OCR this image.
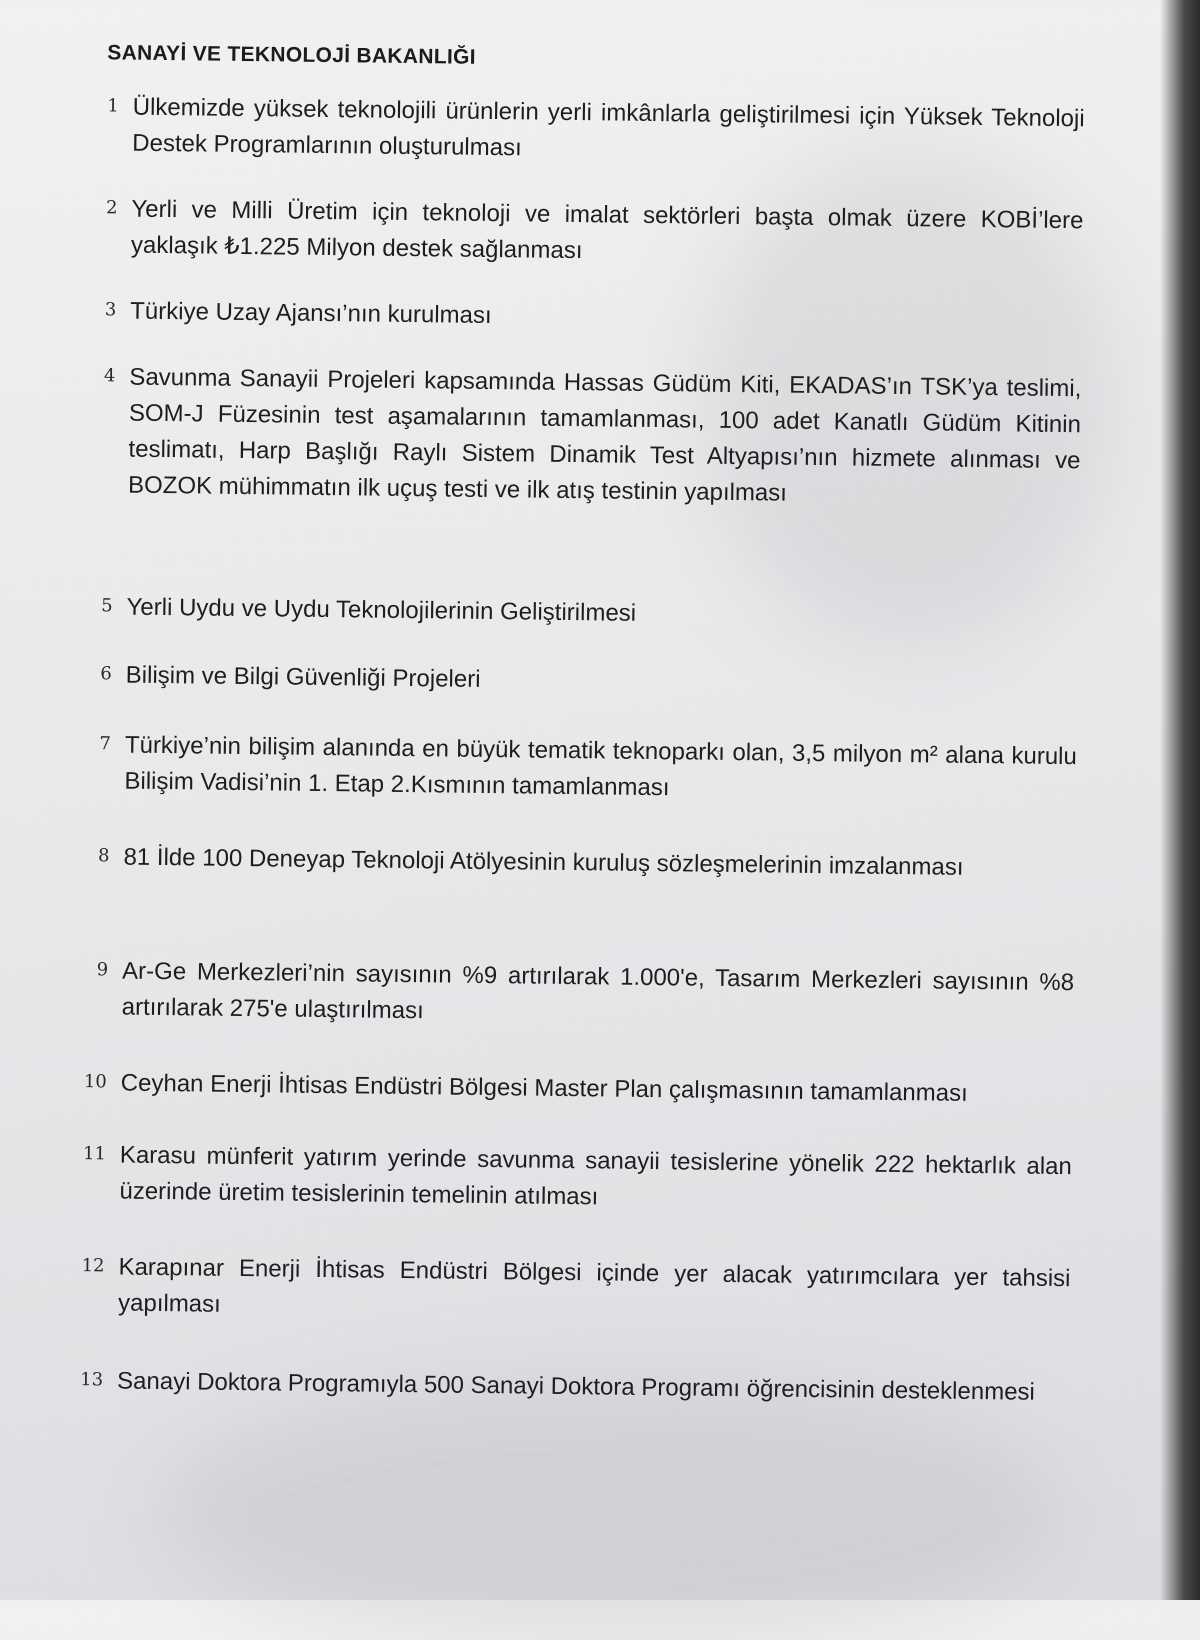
SANAYİ VE TEKNOLOJİ BAKANLIĞI
1 Ülkemizde yüksek teknolojili ürünlerin yerli imkânlarla geliştirilmesi için Yüksek Teknoloji Destek Programlarının oluşturulması
2 Yerli ve Milli Üretim için teknoloji ve imalat sektörleri başta olmak üzere KOBİ’lere yaklaşık ₺1.225 Milyon destek sağlanması
3 Türkiye Uzay Ajansı’nın kurulması
4 Savunma Sanayii Projeleri kapsamında Hassas Güdüm Kiti, EKADAS’ın TSK’ya teslimi, SOM-J Füzesinin test aşamalarının tamamlanması, 100 adet Kanatlı Güdüm Kitinin teslimatı, Harp Başlığı Raylı Sistem Dinamik Test Altyapısı’nın hizmete alınması ve BOZOK mühimmatın ilk uçuş testi ve ilk atış testinin yapılması
5 Yerli Uydu ve Uydu Teknolojilerinin Geliştirilmesi
6 Bilişim ve Bilgi Güvenliği Projeleri
7 Türkiye’nin bilişim alanında en büyük tematik teknoparkı olan, 3,5 milyon m² alana kurulu Bilişim Vadisi’nin 1. Etap 2.Kısmının tamamlanması
8 81 İlde 100 Deneyap Teknoloji Atölyesinin kuruluş sözleşmelerinin imzalanması
9 Ar-Ge Merkezleri’nin sayısının %9 artırılarak 1.000'e, Tasarım Merkezleri sayısının %8 artırılarak 275'e ulaştırılması
10 Ceyhan Enerji İhtisas Endüstri Bölgesi Master Plan çalışmasının tamamlanması
11 Karasu münferit yatırım yerinde savunma sanayii tesislerine yönelik 222 hektarlık alan üzerinde üretim tesislerinin temelinin atılması
12 Karapınar Enerji İhtisas Endüstri Bölgesi içinde yer alacak yatırımcılara yer tahsisi yapılması
13 Sanayi Doktora Programıyla 500 Sanayi Doktora Programı öğrencisinin desteklenmesi
